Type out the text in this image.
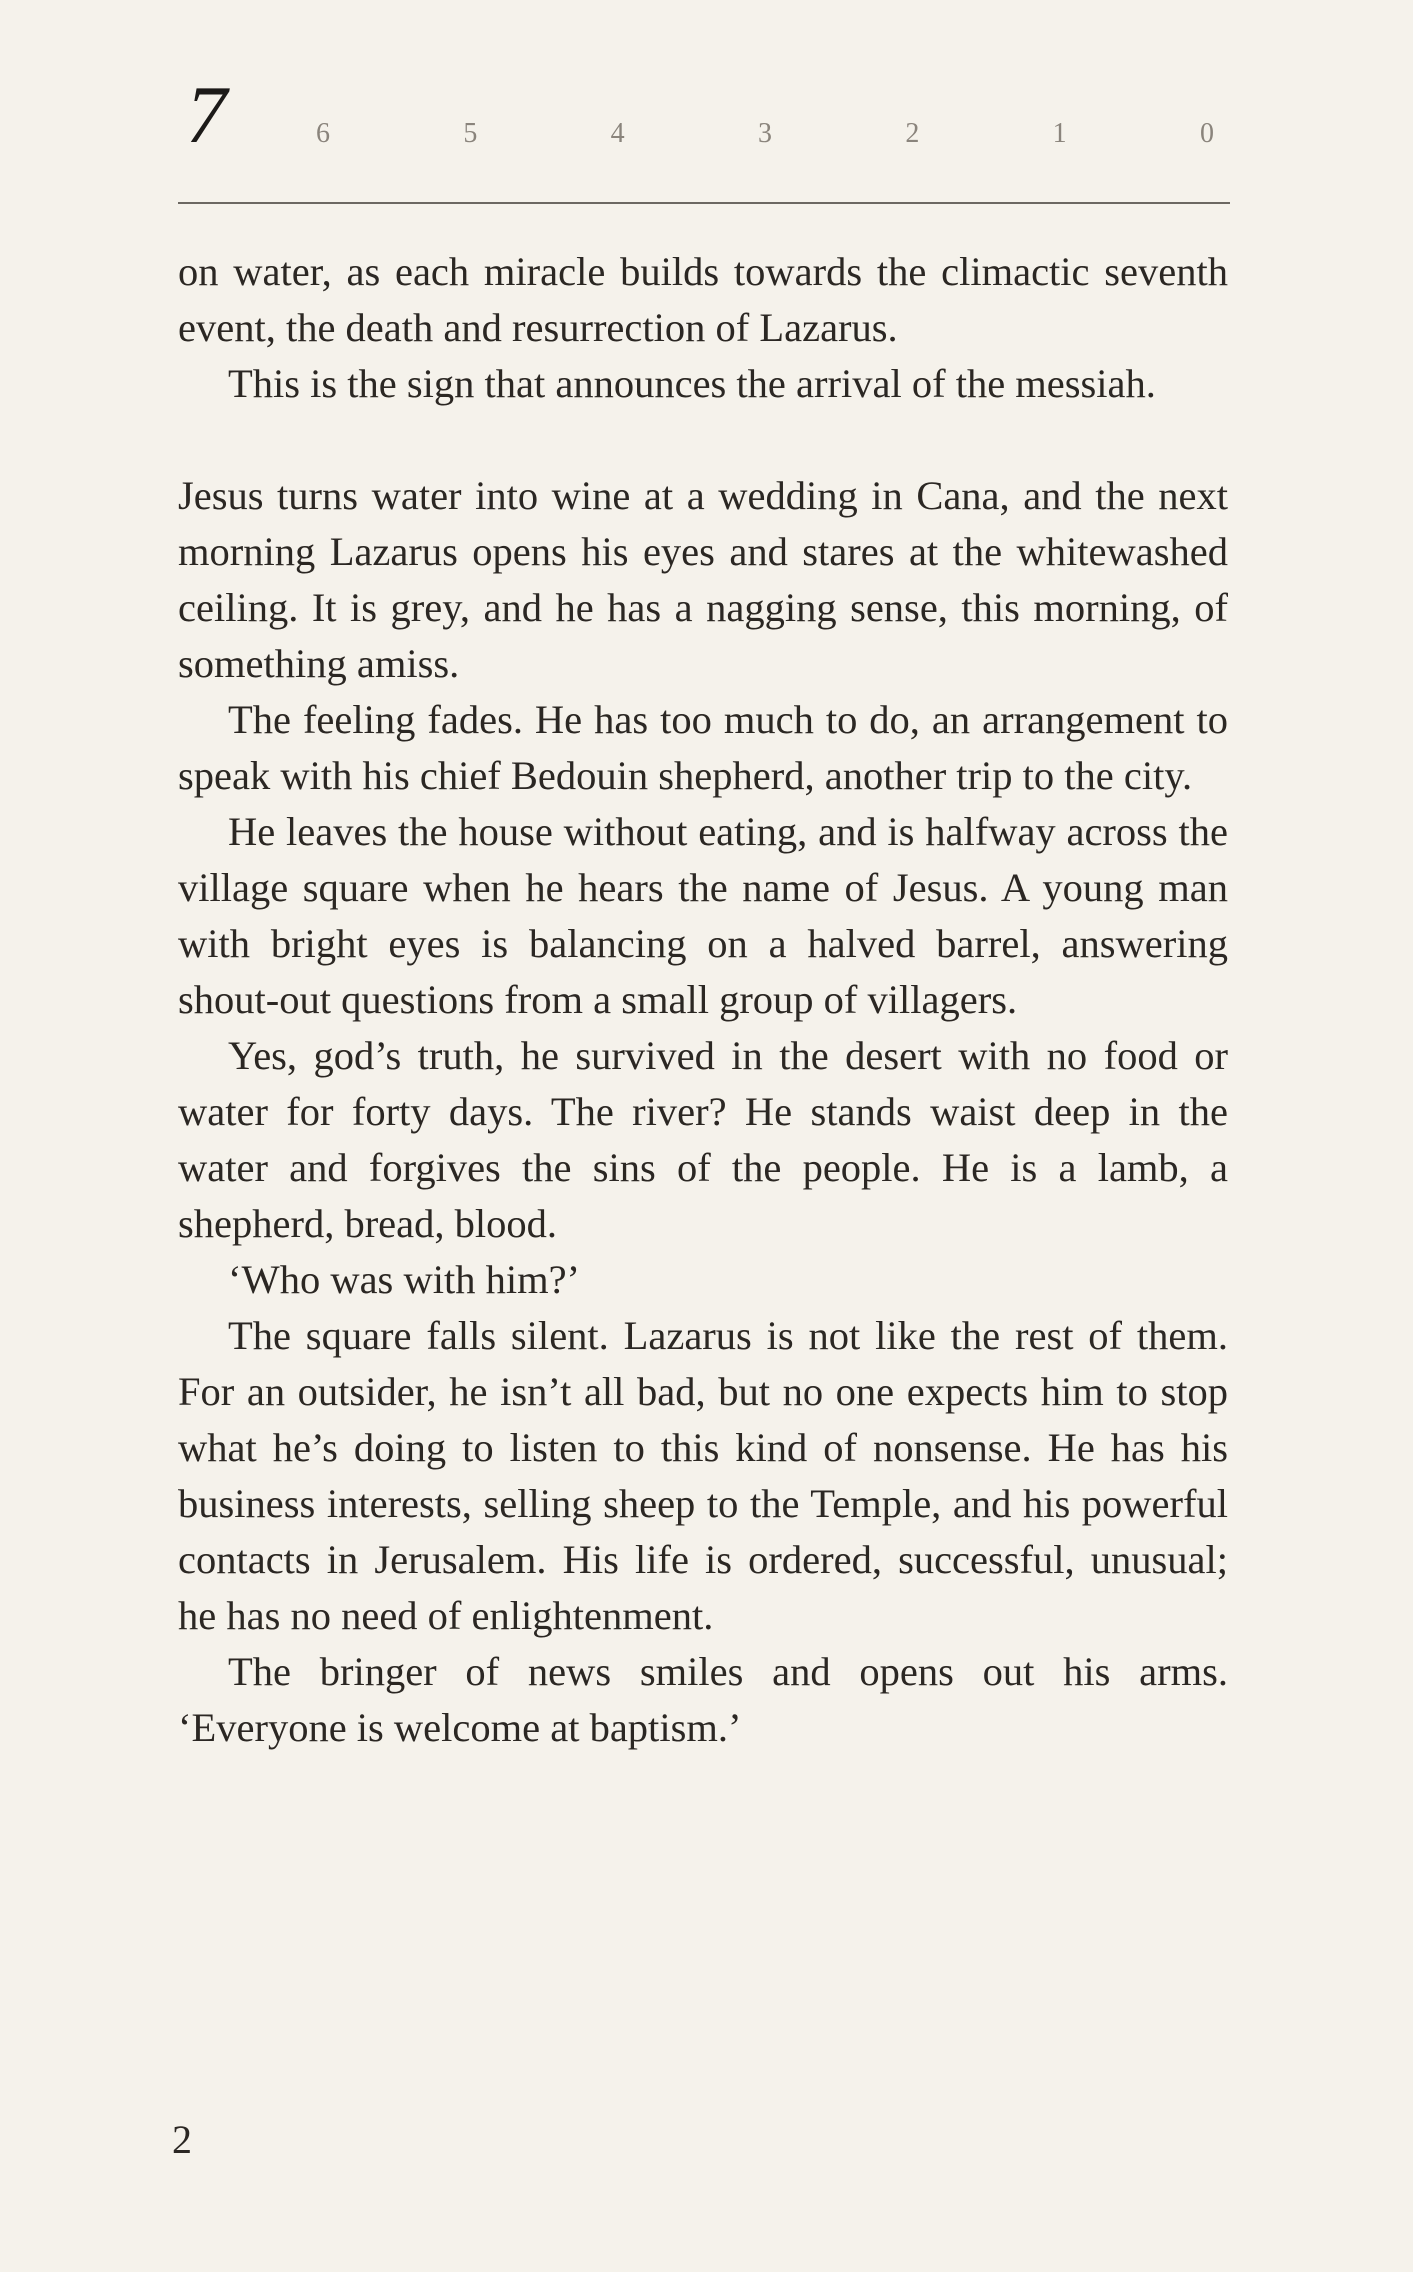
7	6	5	4	3	2	1	0

on water, as each miracle builds towards the climactic seventh event, the death and resurrection of Lazarus.

This is the sign that announces the arrival of the messiah.

Jesus turns water into wine at a wedding in Cana, and the next morning Lazarus opens his eyes and stares at the whitewashed ceiling. It is grey, and he has a nagging sense, this morning, of something amiss.

The feeling fades. He has too much to do, an arrangement to speak with his chief Bedouin shepherd, another trip to the city.

He leaves the house without eating, and is halfway across the village square when he hears the name of Jesus. A young man with bright eyes is balancing on a halved barrel, answering shout-out questions from a small group of villagers.

Yes, god’s truth, he survived in the desert with no food or water for forty days. The river? He stands waist deep in the water and forgives the sins of the people. He is a lamb, a shepherd, bread, blood.

‘Who was with him?’

The square falls silent. Lazarus is not like the rest of them. For an outsider, he isn’t all bad, but no one expects him to stop what he’s doing to listen to this kind of nonsense. He has his business interests, selling sheep to the Temple, and his powerful contacts in Jerusalem. His life is ordered, successful, unusual; he has no need of enlightenment.

The bringer of news smiles and opens out his arms. ‘Everyone is welcome at baptism.’

2
